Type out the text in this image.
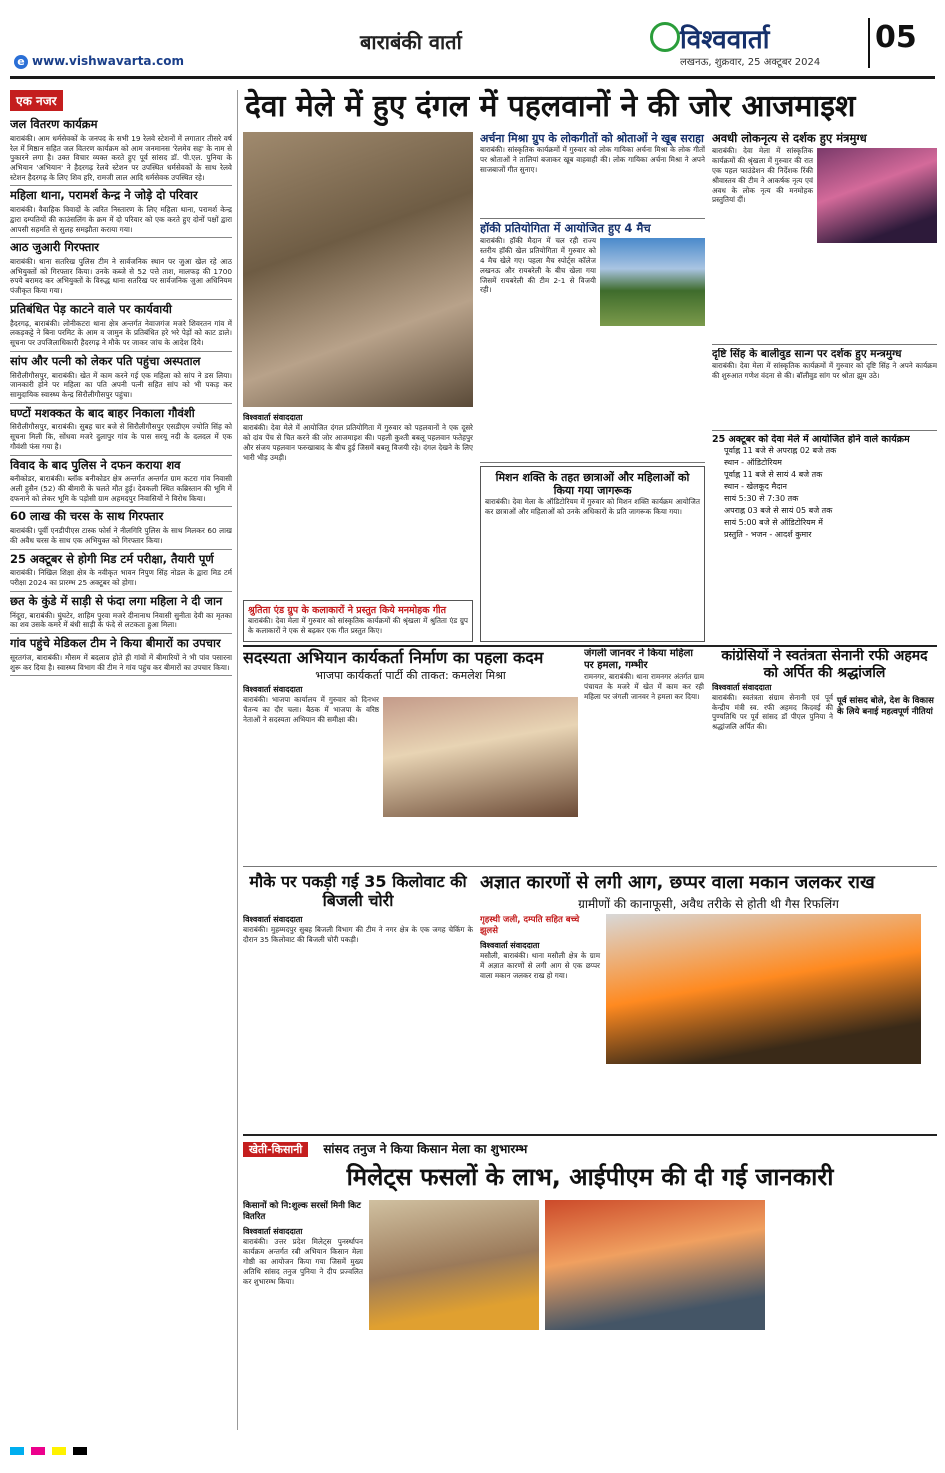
e www.vishwavarta.com
बाराबंकी वार्ता	विश्ववार्ता
लखनऊ, शुक्रवार, 25 अक्टूबर 2024
05
एक नजर
जल वितरण कार्यक्रम

बाराबंकी। आम धर्मसेवकों के जनपद के सभी 19 रेलवे स्टेशनों में लगातार तीसरे वर्ष रेल में मिष्ठान सहित जल वितरण कार्यक्रम को आम जनमानस 'रेलमेव सह' के नाम से पुकारने लगा है। उक्त विचार व्यक्त करते हुए पूर्व सांसद डॉ. पी.एल. पुनिया के अभियान 'अभियान' ने हैदरगढ़ रेलवे स्टेशन पर उपस्थित धर्मसेवकों के साथ रेलवे स्टेशन हैदरगढ़ के लिए शिव हरि, रामजी लाल आदि धर्मसेवक उपस्थित रहे।

महिला थाना, परामर्श केन्द्र ने जोड़े दो परिवार

बाराबंकी। वैवाहिक विवादों के त्वरित निस्तारण के लिए महिला थाना, परामर्श केन्द्र द्वारा दम्पतियों की काउंसलिंग के क्रम में दो परिवार को एक करते हुए दोनों पक्षों द्वारा आपसी सहमति से सुलह समझौता कराया गया।

आठ जुआरी गिरफ्तार

बाराबंकी। थाना सतरिख पुलिस टीम ने सार्वजनिक स्थान पर जुआ खेल रहे आठ अभियुक्तों को गिरफ्तार किया। उनके कब्जे से 52 पत्ते ताश, मालफड़ की 1700 रुपये बरामद कर अभियुक्तों के विरुद्ध थाना सतरिख पर सार्वजनिक जुआ अधिनियम पंजीकृत किया गया।

प्रतिबंधित पेड़ काटने वाले पर कार्यवायी

हैदरगढ़, बाराबंकी। लोनीकटरा थाना क्षेत्र अन्तर्गत नेवाजगंज मजरे शिवरतन गांव में लकड़कट्टे ने बिना परमिट के आम व जामुन के प्रतिबंधित हरे भरे पेड़ों को काट डाले। सूचना पर उपजिलाधिकारी हैदरगढ़ ने मौके पर जाकर जांच के आदेश दिये।

सांप और पत्नी को लेकर पति पहुंचा अस्पताल

सिरौलीगौसपुर, बाराबंकी। खेत में काम करने गई एक महिला को सांप ने डस लिया। जानकारी होने पर महिला का पति अपनी पत्नी सहित सांप को भी पकड़ कर सामुदायिक स्वास्थ्य केन्द्र सिरौलीगौसपुर पहुंचा।

घण्टों मशक्कत के बाद बाहर निकाला गौवंशी

सिरौलीगौसपुर, बाराबंकी। सुबह चार बजे से सिरौलीगौसपुर एसडीएम ज्योति सिंह को सूचना मिली कि, सोंधवा मजरे दुलापुर गांव के पास सरयू नदी के दलदल में एक गौवंशी फंस गया है।

विवाद के बाद पुलिस ने दफन कराया शव

बनीकोडर, बाराबंकी। ब्लॉक बनीकोडर क्षेत्र अन्तर्गत अन्तर्गत ग्राम कटरा गांव निवासी अली हुसैन (52) की बीमारी के चलते मौत हुई। देवकली स्थित कब्रिस्तान की भूमि में दफनाने को लेकर भूमि के पड़ोसी ग्राम अहमदपुर निवासियों ने विरोध किया।

60 लाख की चरस के साथ गिरफ्तार

बाराबंकी। पूर्वी एनडीपीएस टास्क फोर्स ने नीलगिरि पुलिस के साथ मिलकर 60 लाख की अवैध चरस के साथ एक अभियुक्त को गिरफ्तार किया।

25 अक्टूबर से होगी मिड टर्म परीक्षा, तैयारी पूर्ण

बाराबंकी। निखिल शिक्षा क्षेत्र के नवीकृत भावन निपुण सिंह नोडल के द्वारा मिड टर्म परीक्षा 2024 का प्रारम्भ 25 अक्टूबर को होगा।

छत के कुंडे में साड़ी से फंदा लगा महिला ने दी जान

निंदूरा, बाराबंकी। घुंघटेर, शाहिम पुरवा मजरे दीनानाथ निवासी सुनीता देवी का मृतका का शव उसके कमरे में बंधी साड़ी के फंदे से लटकता हुआ मिला।

गांव पहुंचे मेडिकल टीम ने किया बीमारों का उपचार

सूरतगंज, बाराबंकी। मौसम में बदलाव होते ही गांवों में बीमारियों ने भी पांव पसारना शुरू कर दिया है। स्वास्थ्य विभाग की टीम ने गांव पहुंच कर बीमारों का उपचार किया।

देवा मेले में हुए दंगल में पहलवानों ने की जोर आजमाइश
विश्ववार्ता संवाददाता

बाराबंकी। देवा मेले में आयोजित दंगल प्रतियोगिता में गुरुवार को पहलवानों ने एक दूसरे को दांव पेंच से चित करने की जोर आजमाइश की। पहली कुश्ती बबलू पहलवान फतेहपुर और संजय पहलवान फरुखाबाद के बीच हुई जिसमें बबलू विजयी रहे। दंगल देखने के लिए भारी भीड़ उमड़ी।

अर्चना मिश्रा ग्रुप के लोकगीतों को श्रोताओं ने खूब सराहा

बाराबंकी। सांस्कृतिक कार्यक्रमों में गुरुवार को लोक गायिका अर्चना मिश्रा के लोक गीतों पर श्रोताओं ने तालियां बजाकर खूब वाहवाही की। लोक गायिका अर्चना मिश्रा ने अपने साजबाजों गीत सुनाए।

हॉकी प्रतियोगिता में आयोजित हुए 4 मैच

बाराबंकी। हॉकी मैदान में चल रही राज्य स्तरीय हॉकी खेल प्रतियोगिता में गुरुवार को 4 मैच खेले गए। पहला मैच स्पोर्ट्स कॉलेज लखनऊ और रायबरेली के बीच खेला गया जिसमें रायबरेली की टीम 2-1 से विजयी रही।

मिशन शक्ति के तहत छात्राओं और महिलाओं को किया गया जागरूक

बाराबंकी। देवा मेला के ऑडिटोरियम में गुरुवार को मिशन शक्ति कार्यक्रम आयोजित कर छात्राओं और महिलाओं को उनके अधिकारों के प्रति जागरूक किया गया।

श्रुतिता एंड ग्रुप के कलाकारों ने प्रस्तुत किये मनमोहक गीत

बाराबंकी। देवा मेला में गुरुवार को सांस्कृतिक कार्यक्रमों की श्रृंखला में श्रुतिता एंड ग्रुप के कलाकारों ने एक से बढ़कर एक गीत प्रस्तुत किए।

अवधी लोकनृत्य से दर्शक हुए मंत्रमुग्ध

बाराबंकी। देवा मेला में सांस्कृतिक कार्यक्रमों की श्रृंखला में गुरुवार की रात एक पहल फाउंडेशन की निर्देशक रिंकी श्रीवास्तव की टीम ने आकर्षक नृत्य एवं अवध के लोक नृत्य की मनमोहक प्रस्तुतियां दीं।

दृष्टि सिंह के बालीवुड सान्ग पर दर्शक हुए मन्त्रमुग्ध

बाराबंकी। देवा मेला में सांस्कृतिक कार्यक्रमों में गुरुवार को दृष्टि सिंह ने अपने कार्यक्रम की शुरुआत गणेश वंदना से की। बॉलीवुड सांग पर श्रोता झूम उठे।

25 अक्टूबर को देवा मेले में आयोजित होने वाले कार्यक्रम
पूर्वाह्न 11 बजे से अपराह्न 02 बजे तक
स्थान - ऑडिटोरियम
पूर्वाह्न 11 बजे से सायं 4 बजे तक
स्थान - खेलकूद मैदान
सायं 5:30 से 7:30 तक
अपराह्न 03 बजे से सायं 05 बजे तक
सायं 5:00 बजे से ऑडिटोरियम में
प्रस्तुति - भजन - आदर्श कुमार
सदस्यता अभियान कार्यकर्ता निर्माण का पहला कदम
भाजपा कार्यकर्ता पार्टी की ताकत: कमलेश मिश्रा
विश्ववार्ता संवाददाता

बाराबंकी। भाजपा कार्यालय में गुरुवार को दिनभर चैतन्य का दौर चला। बैठक में भाजपा के वरिष्ठ नेताओं ने सदस्यता अभियान की समीक्षा की।

जंगली जानवर ने किया महिला पर हमला, गम्भीर

रामनगर, बाराबंकी। थाना रामनगर अंतर्गत ग्राम पंचायत के मजरे में खेत में काम कर रही महिला पर जंगली जानवर ने हमला कर दिया।

कांग्रेसियों ने स्वतंत्रता सेनानी रफी अहमद को अर्पित की श्रद्धांजलि
विश्ववार्ता संवाददाता
पूर्व सांसद बोले, देश के विकास के लिये बनाई महत्वपूर्ण नीतियां

बाराबंकी। स्वतंत्रता संग्राम सेनानी एवं पूर्व केन्द्रीय मंत्री स्व. रफी अहमद किदवई की पुण्यतिथि पर पूर्व सांसद डॉ पीएल पुनिया ने श्रद्धांजलि अर्पित की।

मौके पर पकड़ी गई 35 किलोवाट की बिजली चोरी
विश्ववार्ता संवाददाता

बाराबंकी। मुहम्मदपुर सुबह बिजली विभाग की टीम ने नगर क्षेत्र के एक जगह चेकिंग के दौरान 35 किलोवाट की बिजली चोरी पकड़ी।

अज्ञात कारणों से लगी आग, छप्पर वाला मकान जलकर राख
ग्रामीणों की कानाफूसी, अवैध तरीके से होती थी गैस रिफलिंग
गृहस्थी जली, दम्पति सहित बच्चे झुलसे
विश्ववार्ता संवाददाता

मसौली, बाराबंकी। थाना मसौली क्षेत्र के ग्राम में अज्ञात कारणों से लगी आग से एक छप्पर वाला मकान जलकर राख हो गया।

खेती-किसानी सांसद तनुज ने किया किसान मेला का शुभारम्भ
मिलेट्स फसलों के लाभ, आईपीएम की दी गई जानकारी
किसानों को नि:शुल्क सरसों मिनी किट वितरित
विश्ववार्ता संवाददाता

बाराबंकी। उत्तर प्रदेश मिलेट्स पुनर्स्थापन कार्यक्रम अन्तर्गत रबी अभियान किसान मेला गोष्ठी का आयोजन किया गया जिसमें मुख्य अतिथि सांसद तनुज पुनिया ने दीप प्रज्वलित कर शुभारम्भ किया।
